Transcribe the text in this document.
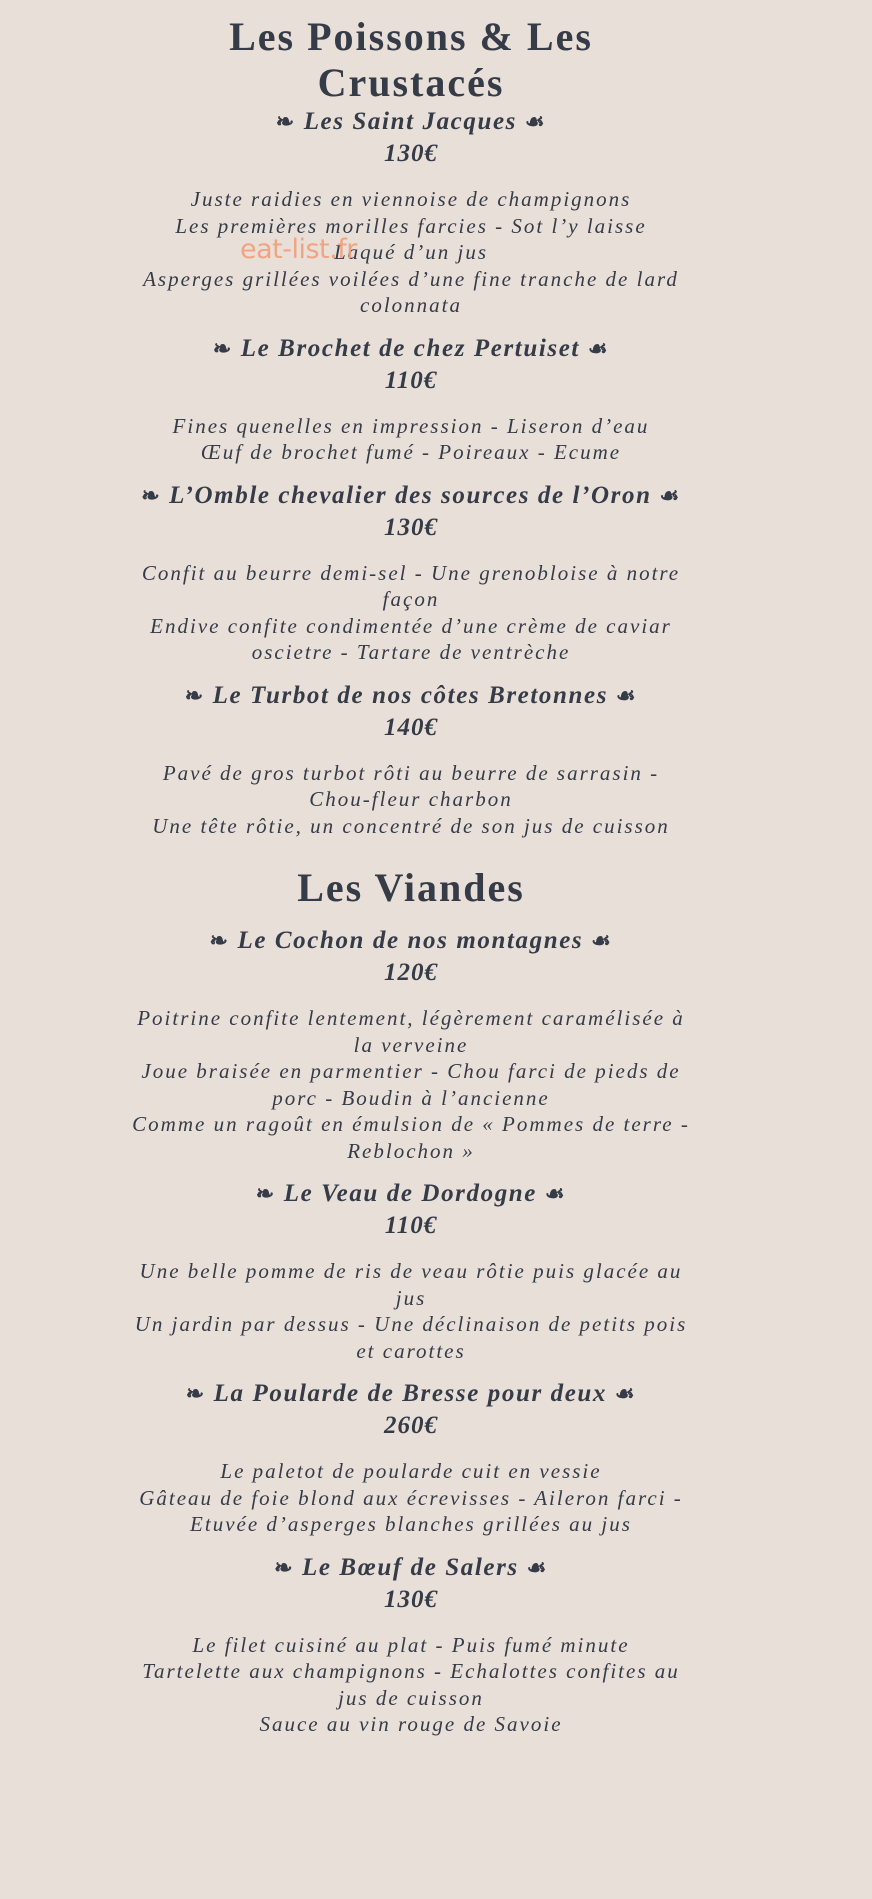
Les Poissons & Les Crustacés

❧ Les Saint Jacques ☙

130€

Juste raidies en viennoise de champignons
Les premières morilles farcies - Sot l’y laisse
Laqué d’un jus
Asperges grillées voilées d’une fine tranche de lard colonnata

❧ Le Brochet de chez Pertuiset ☙

110€

Fines quenelles en impression - Liseron d’eau
Œuf de brochet fumé - Poireaux - Ecume

❧ L’Omble chevalier des sources de l’Oron ☙

130€

Confit au beurre demi-sel - Une grenobloise à notre façon
Endive confite condimentée d’une crème de caviar oscietre - Tartare de ventrèche

❧ Le Turbot de nos côtes Bretonnes ☙

140€

Pavé de gros turbot rôti au beurre de sarrasin - Chou-fleur charbon
Une tête rôtie, un concentré de son jus de cuisson
Les Viandes

❧ Le Cochon de nos montagnes ☙

120€

Poitrine confite lentement, légèrement caramélisée à la verveine
Joue braisée en parmentier - Chou farci de pieds de porc - Boudin à l’ancienne
Comme un ragoût en émulsion de « Pommes de terre - Reblochon »

❧ Le Veau de Dordogne ☙

110€

Une belle pomme de ris de veau rôtie puis glacée au jus
Un jardin par dessus - Une déclinaison de petits pois et carottes

❧ La Poularde de Bresse pour deux ☙

260€

Le paletot de poularde cuit en vessie
Gâteau de foie blond aux écrevisses - Aileron farci - Etuvée d’asperges blanches grillées au jus

❧ Le Bœuf de Salers ☙

130€

Le filet cuisiné au plat - Puis fumé minute
Tartelette aux champignons - Echalottes confites au jus de cuisson
Sauce au vin rouge de Savoie
eat-list.fr
